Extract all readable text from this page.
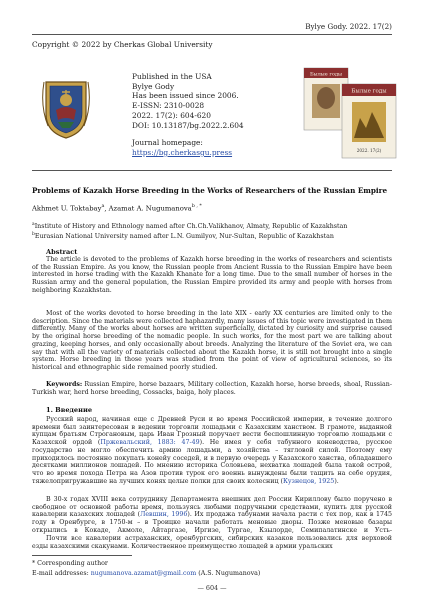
Bylye Gody. 2022. 17(2)
Copyright © 2022 by Cherkas Global University
Published in the USA
Bylye Gody
Has been issued since 2006.
E-ISSN: 2310-0028
2022. 17(2): 604-620
DOI: 10.13187/bg.2022.2.604
Journal homepage:
https://bg.cherkasgu.press
Былые годы
Былые годы
2022. 17(2)
Problems of Kazakh Horse Breeding in the Works of Researchers of the Russian Empire
Akhmet U. Toktabay$^a$, Azamat A. Nugumanova$^{b , *}$
$^a$Institute of History and Ethnology named after Ch.Ch.Valikhanov, Almaty, Republic of Kazakhstan
$^b$Eurasian National University named after L.N. Gumilyov, Nur-Sultan, Republic of Kazakhstan
Abstract
The article is devoted to the problems of Kazakh horse breeding in the works of researchers and scientists of the Russian Empire. As you know, the Russian people from Ancient Russia to the Russian Empire have been interested in horse trading with the Kazakh Khanate for a long time. Due to the small number of horses in the Russian army and the general population, the Russian Empire provided its army and people with horses from neighboring Kazakhstan.
Most of the works devoted to horse breeding in the late XIX - early XX centuries are limited only to the description. Since the materials were collected haphazardly, many issues of this topic were investigated in them differently. Many of the works about horses are written superficially, dictated by curiosity and surprise caused by the original horse breeding of the nomadic people. In such works, for the most part we are talking about grazing, keeping horses, and only occasionally about breeds. Analyzing the literature of the Soviet era, we can say that with all the variety of materials collected about the Kazakh horse, it is still not brought into a single system. Horse breeding in those years was studied from the point of view of agricultural sciences, so its historical and ethnographic side remained poorly studied.
Keywords: Russian Empire, horse bazaars, Military collection, Kazakh horse, horse breeds, shoal, Russian-Turkish war, herd horse breeding, Cossacks, baiga, holy places.
1. Введение
Русский народ, начиная еще с Древней Руси и во время Российской империи, в течение долгого времени был заинтересован в ведении торговли лошадьми с Казахским ханством. В грамоте, выданной купцам братьям Строгановым, царь Иван Грозный поручает вести беспошлинную торговлю лошадьми с Казахской ордой (Пржевальский, 1883: 47-49). Не имея у себя табунного коневодства, русское государство не могло обеспечить армию лошадьми, а хозяйства – тягловой силой. Поэтому ему приходилось постоянно покупать конейу соседей, и в первую очередь у Казахского ханства, обладавшего десятками миллионов лошадей. По мнению историка Соловьева, нехватка лошадей была такой острой, что во время похода Петра на Азов против турок его военнь вынуждены были тащить на себе орудия, тяжелопригружавшие на лучших конях целые полки для своих колесниц (Кузнецов, 1925).
В 30-х годах XVIII века сотруднику Департамента внешних дел России Кириллову было поручено в свободное от основной работы время, пользуясь любыми подручными средствами, купить для русской кавалерии казахских лошадей (Левшин, 1996). Их продажа табунами начала расти с тех пор, как в 1745 году в Оренбурге, в 1750-м – в Троицке начали работать меновые дворы. Позже меновые базары открылись в Кокаде, Акмоле, Айтаргазе, Иргизе, Тургае, Кзылорде, Семипалатинске и Усть-
Почти все кавалерии астраханских, оренбургских, сибирских казаков пользовались для верховой езды казахскими скакунами. Количественное преимущество лошадей в армии уральских
* Corresponding author
E-mail addresses: nugumanova.azamat@gmail.com (A.S. Nugumanova)
— 604 —
